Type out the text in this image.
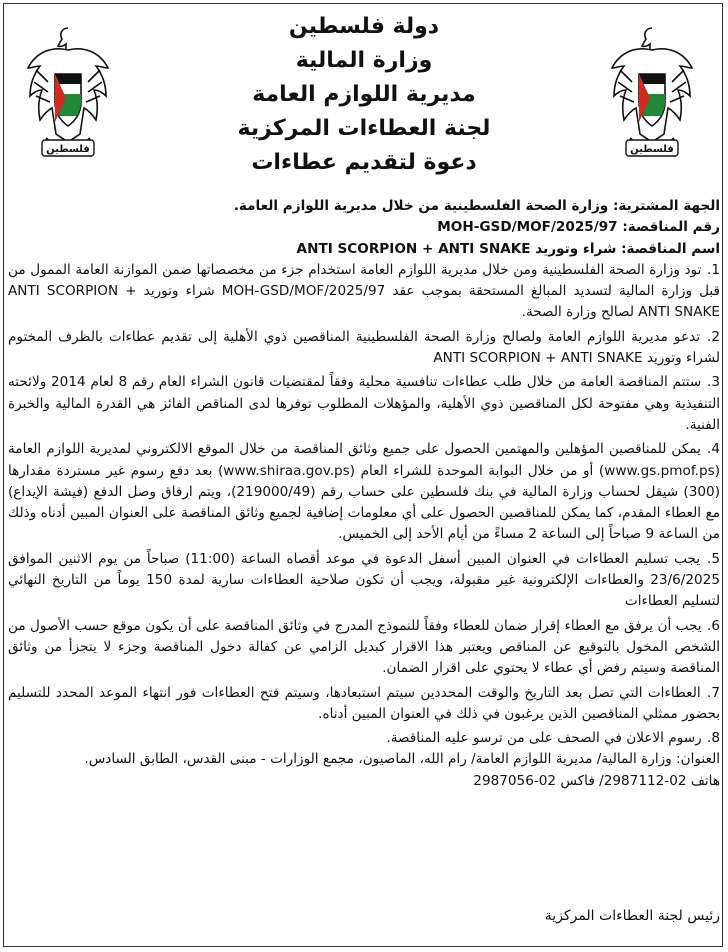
فلسطين	فلسطين
دولة فلسطين
وزارة المالية
مديرية اللوازم العامة
لجنة العطاءات المركزية
دعوة لتقديم عطاءات

الجهة المشترية: وزارة الصحة الفلسطينية من خلال مديرية اللوازم العامة.

رقم المناقصة: MOH-GSD/MOF/2025/97

اسم المناقصة: شراء وتوريد ANTI SCORPION + ANTI SNAKE

1. تود وزارة الصحة الفلسطينية ومن خلال مديرية اللوازم العامة استخدام جزء من مخصصاتها ضمن الموازنة العامة الممول من قبل وزارة المالية لتسديد المبالغ المستحقة بموجب عقد MOH-GSD/MOF/2025/97 شراء وتوريد ANTI SCORPION + ANTI SNAKE لصالح وزارة الصحة.

2. تدعو مديرية اللوازم العامة ولصالح وزارة الصحة الفلسطينية المناقصين ذوي الأهلية إلى تقديم عطاءات بالظرف المختوم لشراء وتوريد ANTI SCORPION + ANTI SNAKE

3. ستتم المناقصة العامة من خلال طلب عطاءات تنافسية محلية وفقاً لمقتضيات قانون الشراء العام رقم 8 لعام 2014 ولائحته التنفيذية وهي مفتوحة لكل المناقصين ذوي الأهلية، والمؤهلات المطلوب توفرها لدى المناقص الفائز هي القدرة المالية والخبرة الفنية.

4. يمكن للمناقصين المؤهلين والمهتمين الحصول على جميع وثائق المناقصة من خلال الموقع الالكتروني لمديرية اللوازم العامة (www.gs.pmof.ps) أو من خلال البوابة الموحدة للشراء العام (www.shiraa.gov.ps) بعد دفع رسوم غير مستردة مقدارها (300) شيقل لحساب وزارة المالية في بنك فلسطين على حساب رقم (219000/49)، ويتم ارفاق وصل الدفع (فيشة الإيداع) مع العطاء المقدم، كما يمكن للمناقصين الحصول على أي معلومات إضافية لجميع وثائق المناقصة على العنوان المبين أدناه وذلك من الساعة 9 صباحاً إلى الساعة 2 مساءً من أيام الأحد إلى الخميس.

5. يجب تسليم العطاءات في العنوان المبين أسفل الدعوة في موعد أقصاه الساعة (11:00) صباحاً من يوم الاثنين الموافق 23/6/2025 والعطاءات الإلكترونية غير مقبولة، ويجب أن تكون صلاحية العطاءات سارية لمدة 150 يوماً من التاريخ النهائي لتسليم العطاءات

6. يجب أن يرفق مع العطاء إقرار ضمان للعطاء وفقاً للنموذج المدرج في وثائق المناقصة على أن يكون موقع حسب الأصول من الشخص المخول بالتوقيع عن المناقص ويعتبر هذا الاقرار كبديل الزامي عن كفالة دخول المناقصة وجزء لا يتجزأ من وثائق المناقصة وسيتم رفض أي عطاء لا يحتوي على اقرار الضمان.

7. العطاءات التي تصل بعد التاريخ والوقت المحددين سيتم استبعادها، وسيتم فتح العطاءات فور انتهاء الموعد المحدد للتسليم بحضور ممثلي المناقصين الذين يرغبون في ذلك في العنوان المبين أدناه.

8. رسوم الاعلان في الصحف على من ترسو عليه المناقصة.

العنوان: وزارة المالية/ مديرية اللوازم العامة/ رام الله، الماصيون، مجمع الوزارات - مبنى القدس، الطابق السادس.

هاتف 02-2987112/ فاكس 02-2987056

رئيس لجنة العطاءات المركزية
